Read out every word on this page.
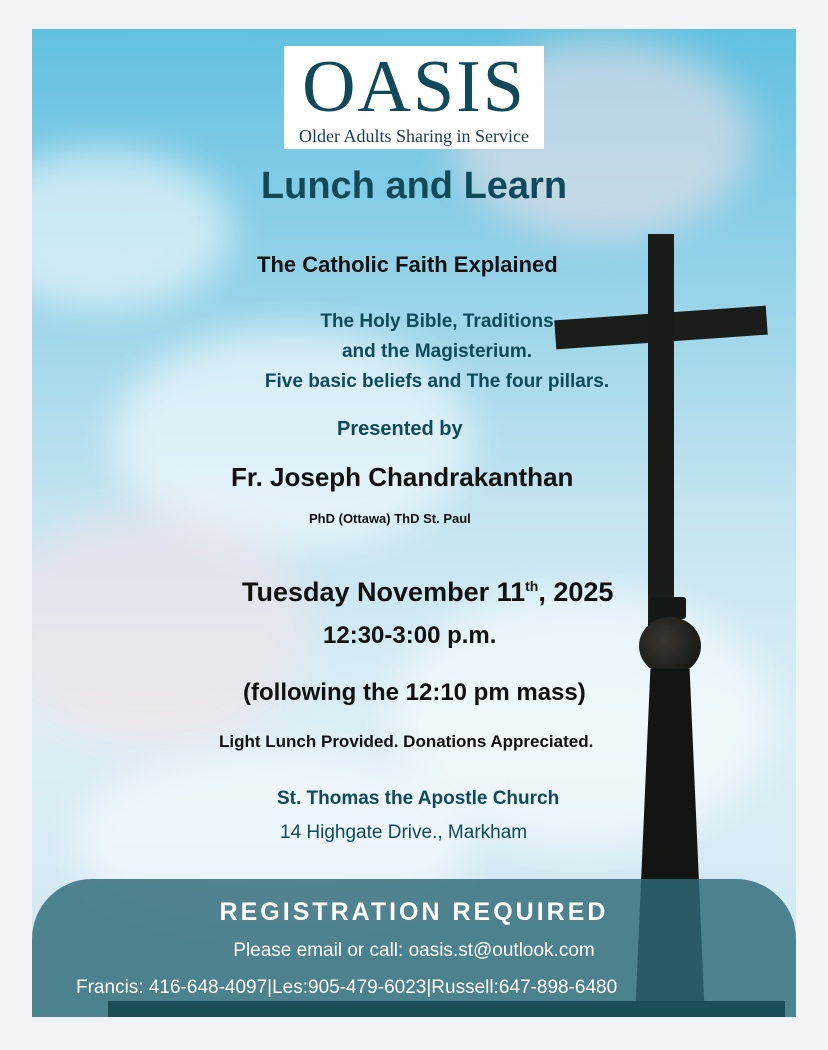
OASIS
Older Adults Sharing in Service
Lunch and Learn
The Catholic Faith Explained
The Holy Bible, Traditions
and the Magisterium.
Five basic beliefs and The four pillars.
Presented by
Fr. Joseph Chandrakanthan
PhD (Ottawa) ThD St. Paul
Tuesday November 11th, 2025
12:30-3:00 p.m.
(following the 12:10 pm mass)
Light Lunch Provided. Donations Appreciated.
St. Thomas the Apostle Church
14 Highgate Drive., Markham
REGISTRATION REQUIRED
Please email or call: oasis.st@outlook.com
Francis: 416-648-4097|Les:905-479-6023|Russell:647-898-6480
